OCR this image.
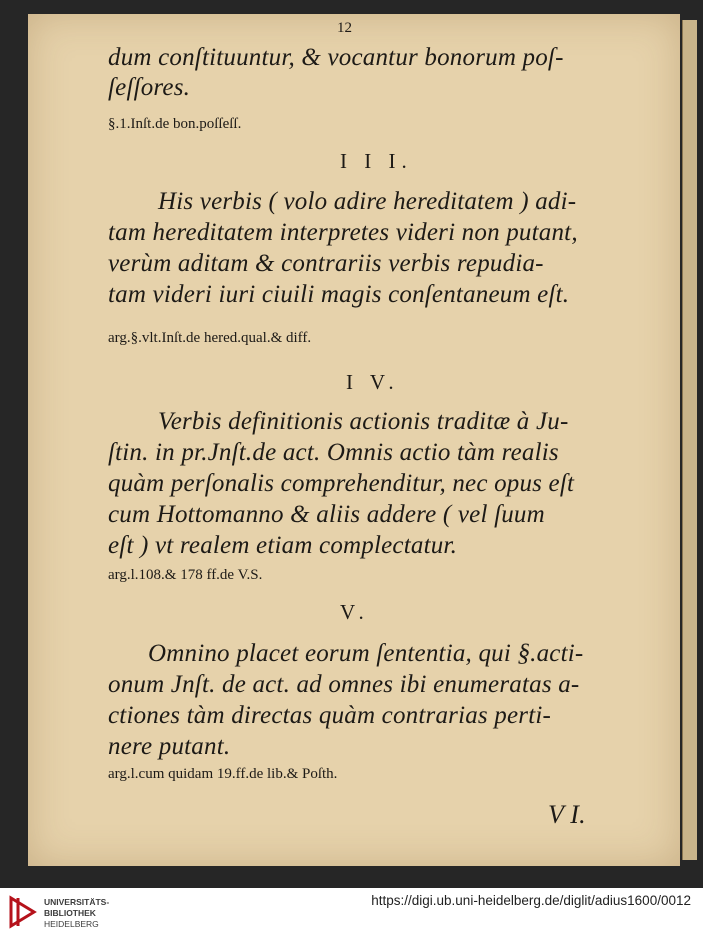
12
dum conſtituuntur, & vocantur bonorum poſ-
ſeſſores.
§.1.Inſt.de bon.poſſeſſ.
I I I.
His verbis ( volo adire hereditatem ) adi-
tam hereditatem interpretes videri non putant,
verùm aditam & contrariis verbis repudia-
tam videri iuri ciuili magis conſentaneum eſt.
arg.§.vlt.Inſt.de hered.qual.& diff.
I V.
Verbis definitionis actionis traditæ à Ju-
ſtin. in pr.Jnſt.de act. Omnis actio tàm realis
quàm perſonalis comprehenditur, nec opus eſt
cum Hottomanno & aliis addere ( vel ſuum
eſt ) vt realem etiam complectatur.
arg.l.108.& 178 ff.de V.S.
V.
Omnino placet eorum ſententia, qui §.acti-
onum Jnſt. de act. ad omnes ibi enumeratas a-
ctiones tàm directas quàm contrarias perti-
nere putant.
arg.l.cum quidam 19.ff.de lib.& Poſth.
V I.
UNIVERSITÄTS-
BIBLIOTHEK
HEIDELBERG
https://digi.ub.uni-heidelberg.de/diglit/adius1600/0012
